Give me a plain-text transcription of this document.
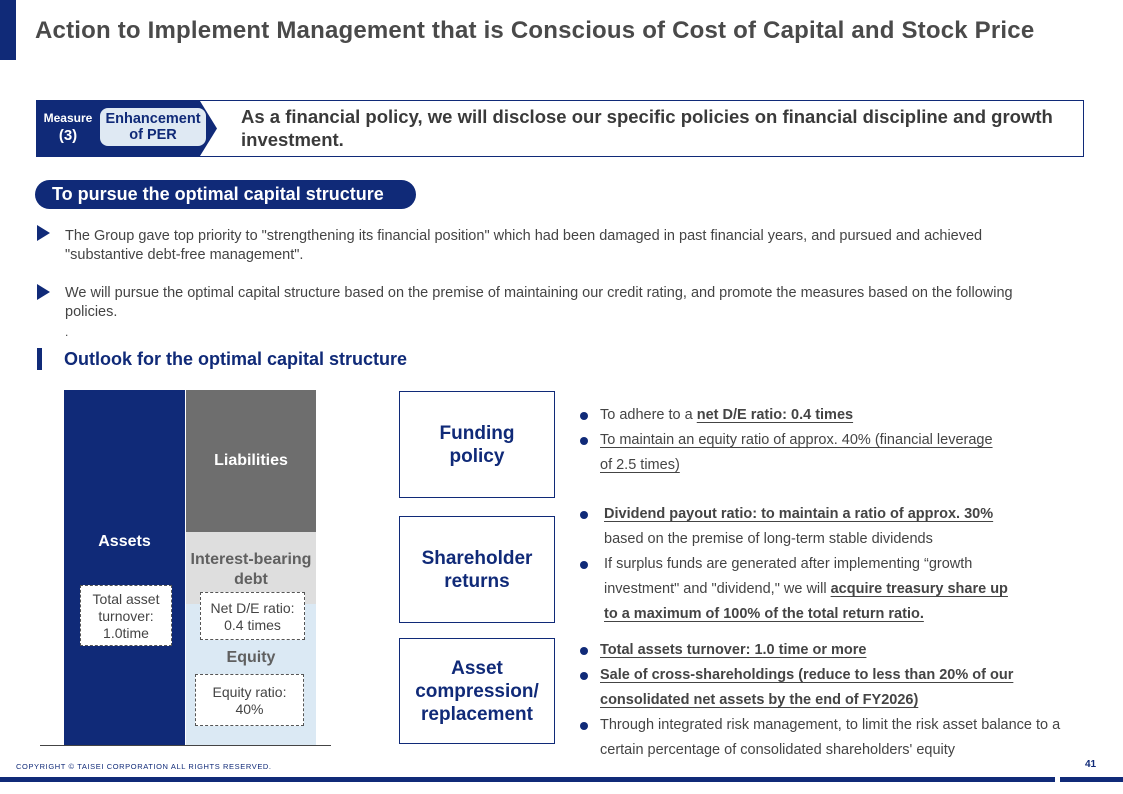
Action to Implement Management that is Conscious of Cost of Capital and Stock Price
Measure
(3)
Enhancement
of PER
As a financial policy, we will disclose our specific policies on financial discipline and growth investment.
To pursue the optimal capital structure
The Group gave top priority to "strengthening its financial position" which had been damaged in past financial years, and pursued and achieved "substantive debt-free management".
We will pursue the optimal capital structure based on the premise of maintaining our credit rating, and promote the measures based on the following policies.
.
Outlook for the optimal capital structure
Assets
Liabilities
Interest-bearing
debt
Equity
Total asset
turnover:
1.0time
Net D/E ratio:
0.4 times
Equity ratio:
40%
Funding
policy
To adhere to a net D/E ratio: 0.4 times
To maintain an equity ratio of approx. 40% (financial leverage
of 2.5 times)
Shareholder
returns
Dividend payout ratio: to maintain a ratio of approx. 30%
based on the premise of long-term stable dividends
If surplus funds are generated after implementing “growth
investment" and "dividend," we will acquire treasury share up
to a maximum of 100% of the total return ratio.
Asset
compression/
replacement
Total assets turnover: 1.0 time or more
Sale of cross-shareholdings (reduce to less than 20% of our
consolidated net assets by the end of FY2026)
Through integrated risk management, to limit the risk asset balance to a
certain percentage of consolidated shareholders' equity
COPYRIGHT © TAISEI CORPORATION ALL RIGHTS RESERVED.	41
